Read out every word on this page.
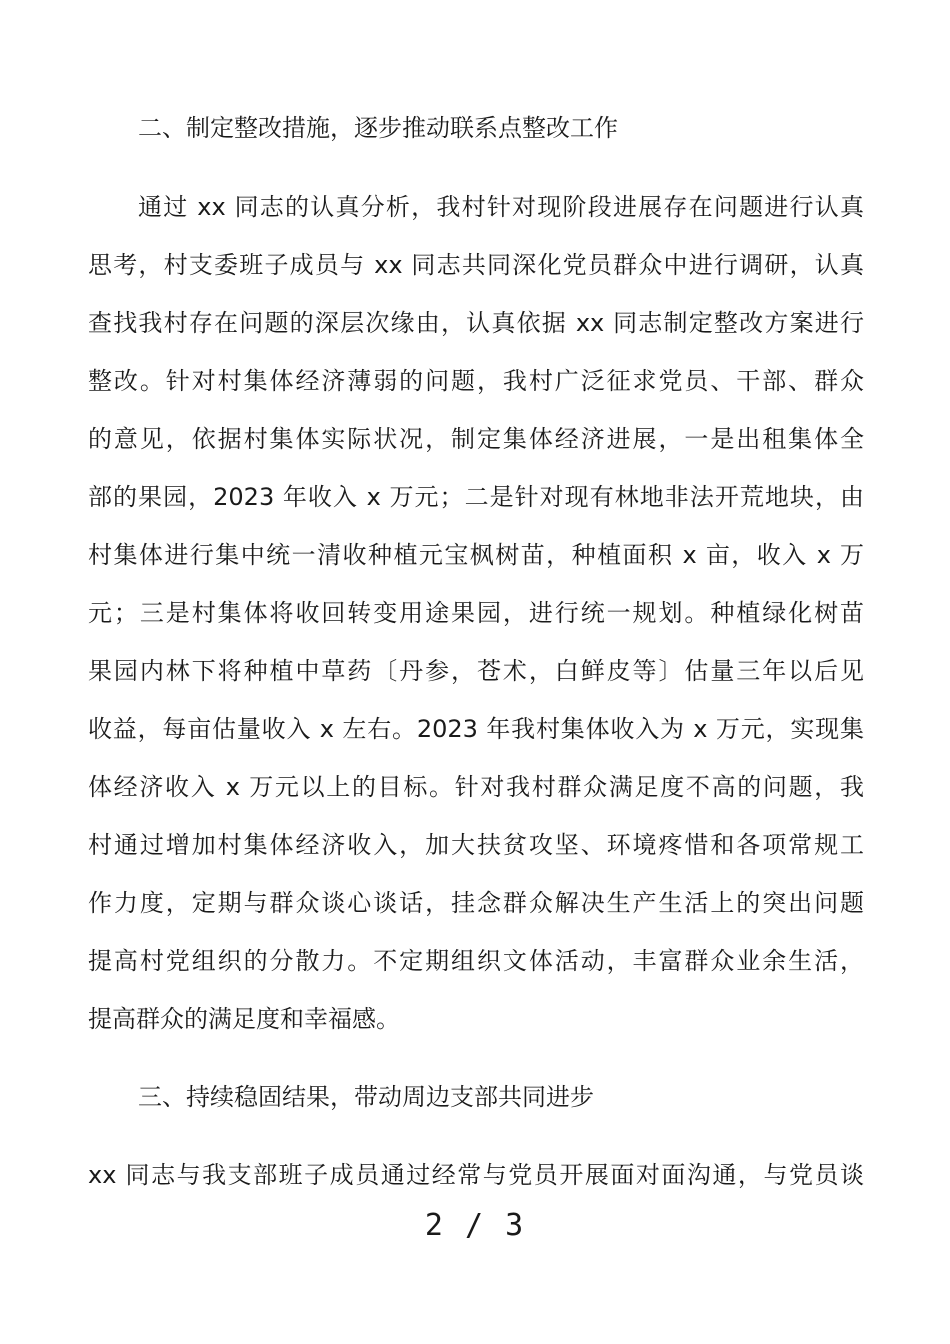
二、制定整改措施，逐步推动联系点整改工作
通过 xx 同志的认真分析，我村针对现阶段进展存在问题进行认真
思考，村支委班子成员与 xx 同志共同深化党员群众中进行调研，认真
查找我村存在问题的深层次缘由，认真依据 xx 同志制定整改方案进行
整改。针对村集体经济薄弱的问题，我村广泛征求党员、干部、群众
的意见，依据村集体实际状况，制定集体经济进展，一是出租集体全
部的果园，2023 年收入 x 万元；二是针对现有林地非法开荒地块，由
村集体进行集中统一清收种植元宝枫树苗，种植面积 x 亩，收入 x 万
元；三是村集体将收回转变用途果园，进行统一规划。种植绿化树苗
果园内林下将种植中草药〔丹参，苍术，白鲜皮等〕估量三年以后见
收益，每亩估量收入 x 左右。2023 年我村集体收入为 x 万元，实现集
体经济收入 x 万元以上的目标。针对我村群众满足度不高的问题，我
村通过增加村集体经济收入，加大扶贫攻坚、环境疼惜和各项常规工
作力度，定期与群众谈心谈话，挂念群众解决生产生活上的突出问题
提高村党组织的分散力。不定期组织文体活动，丰富群众业余生活，
提高群众的满足度和幸福感。
三、持续稳固结果，带动周边支部共同进步
xx 同志与我支部班子成员通过经常与党员开展面对面沟通，与党员谈
2 / 3
